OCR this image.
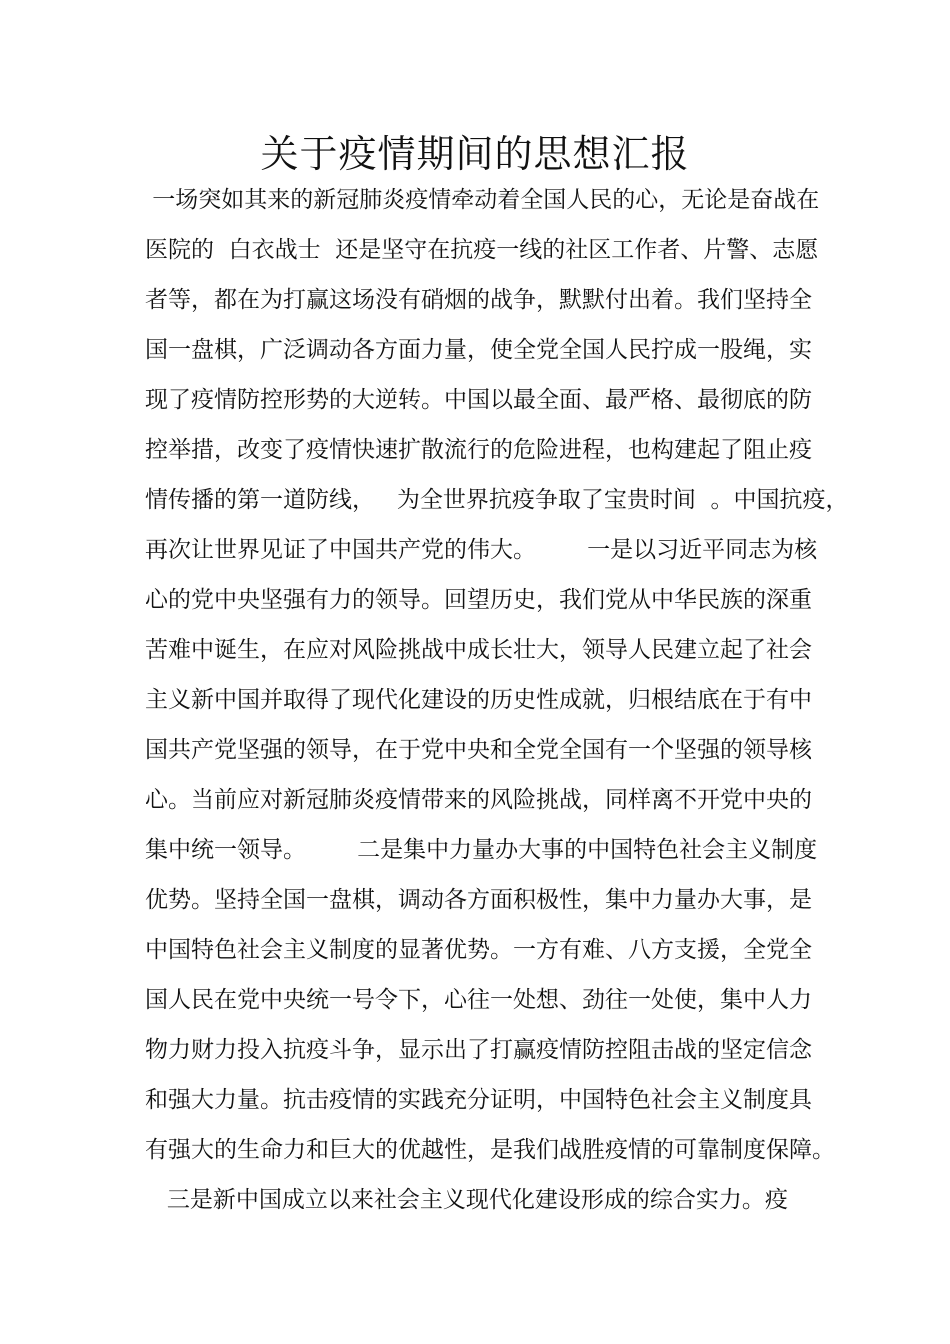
关于疫情期间的思想汇报
一场突如其来的新冠肺炎疫情牵动着全国人民的心，无论是奋战在
医院的  白衣战士  还是坚守在抗疫一线的社区工作者、片警、志愿
者等，都在为打赢这场没有硝烟的战争，默默付出着。我们坚持全
国一盘棋，广泛调动各方面力量，使全党全国人民拧成一股绳，实
现了疫情防控形势的大逆转。中国以最全面、最严格、最彻底的防
控举措，改变了疫情快速扩散流行的危险进程，也构建起了阻止疫
情传播的第一道防线，   为全世界抗疫争取了宝贵时间  。中国抗疫，
再次让世界见证了中国共产党的伟大。       一是以习近平同志为核
心的党中央坚强有力的领导。回望历史，我们党从中华民族的深重
苦难中诞生，在应对风险挑战中成长壮大，领导人民建立起了社会
主义新中国并取得了现代化建设的历史性成就，归根结底在于有中
国共产党坚强的领导，在于党中央和全党全国有一个坚强的领导核
心。当前应对新冠肺炎疫情带来的风险挑战，同样离不开党中央的
集中统一领导。       二是集中力量办大事的中国特色社会主义制度
优势。坚持全国一盘棋，调动各方面积极性，集中力量办大事，是
中国特色社会主义制度的显著优势。一方有难、八方支援，全党全
国人民在党中央统一号令下，心往一处想、劲往一处使，集中人力
物力财力投入抗疫斗争，显示出了打赢疫情防控阻击战的坚定信念
和强大力量。抗击疫情的实践充分证明，中国特色社会主义制度具
有强大的生命力和巨大的优越性，是我们战胜疫情的可靠制度保障。
三是新中国成立以来社会主义现代化建设形成的综合实力。疫
